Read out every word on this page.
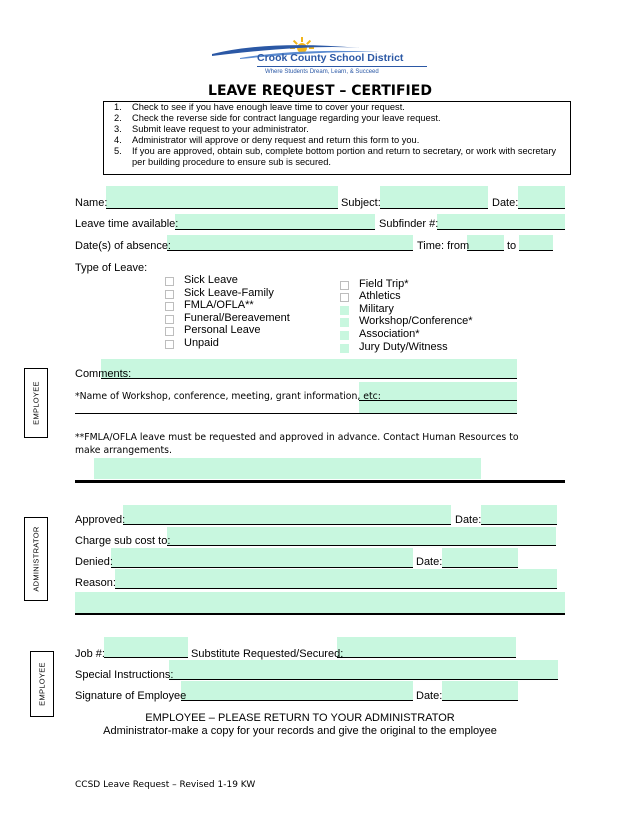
Crook County School District
Where Students Dream, Learn, & Succeed
LEAVE REQUEST – CERTIFIED
1. Check to see if you have enough leave time to cover your request.
2. Check the reverse side for contract language regarding your leave request.
3. Submit leave request to your administrator.
4. Administrator will approve or deny request and return this form to you.
5. If you are approved, obtain sub, complete bottom portion and return to secretary, or work with secretary per building procedure to ensure sub is secured.
EMPLOYEE
Name:	Subject:	Date:
Leave time available:	Subfinder #:
Date(s) of absence:	Time: from	to
Type of Leave:
Sick Leave
Sick Leave-Family
FMLA/OFLA**
Funeral/Bereavement
Personal Leave
Unpaid
Field Trip*
Athletics
Military
Workshop/Conference*
Association*
Jury Duty/Witness
Comments:
*Name of Workshop, conference, meeting, grant information, etc:
**FMLA/OFLA leave must be requested and approved in advance. Contact Human Resources to make arrangements.
ADMINISTRATOR
Approved:	Date:
Charge sub cost to:
Denied:	Date:
Reason:
EMPLOYEE
Job #:	Substitute Requested/Secured:
Special Instructions:
Signature of Employee	Date:
EMPLOYEE – PLEASE RETURN TO YOUR ADMINISTRATOR
Administrator-make a copy for your records and give the original to the employee
CCSD Leave Request – Revised 1-19 KW
